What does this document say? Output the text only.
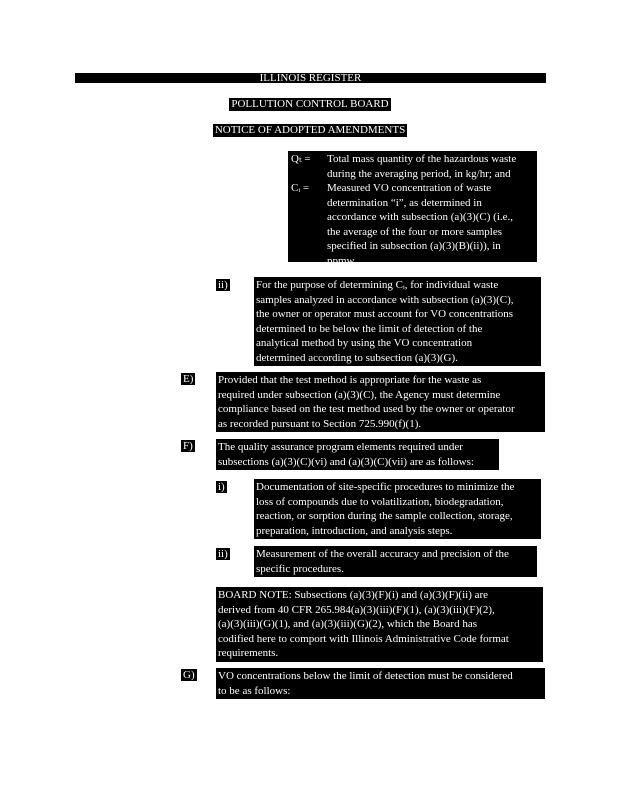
ILLINOIS REGISTER
POLLUTION CONTROL BOARD
NOTICE OF ADOPTED AMENDMENTS
Qₜ = Total mass quantity of the hazardous waste
during the averaging period, in kg/hr; and
Cᵢ = Measured VO concentration of waste
determination “i”, as determined in
accordance with subsection (a)(3)(C) (i.e.,
the average of the four or more samples
specified in subsection (a)(3)(B)(ii)), in
ppmw.
ii)	For the purpose of determining Cᵢ, for individual waste
samples analyzed in accordance with subsection (a)(3)(C),
the owner or operator must account for VO concentrations
determined to be below the limit of detection of the
analytical method by using the VO concentration
determined according to subsection (a)(3)(G).
E) Provided that the test method is appropriate for the waste as
required under subsection (a)(3)(C), the Agency must determine
compliance based on the test method used by the owner or operator
as recorded pursuant to Section 725.990(f)(1).
F) The quality assurance program elements required under
subsections (a)(3)(C)(vi) and (a)(3)(C)(vii) are as follows:
i)	Documentation of site-specific procedures to minimize the
loss of compounds due to volatilization, biodegradation,
reaction, or sorption during the sample collection, storage,
preparation, introduction, and analysis steps.
ii)	Measurement of the overall accuracy and precision of the
specific procedures.
BOARD NOTE: Subsections (a)(3)(F)(i) and (a)(3)(F)(ii) are
derived from 40 CFR 265.984(a)(3)(iii)(F)(1), (a)(3)(iii)(F)(2),
(a)(3)(iii)(G)(1), and (a)(3)(iii)(G)(2), which the Board has
codified here to comport with Illinois Administrative Code format
requirements.
G) VO concentrations below the limit of detection must be considered
to be as follows:
